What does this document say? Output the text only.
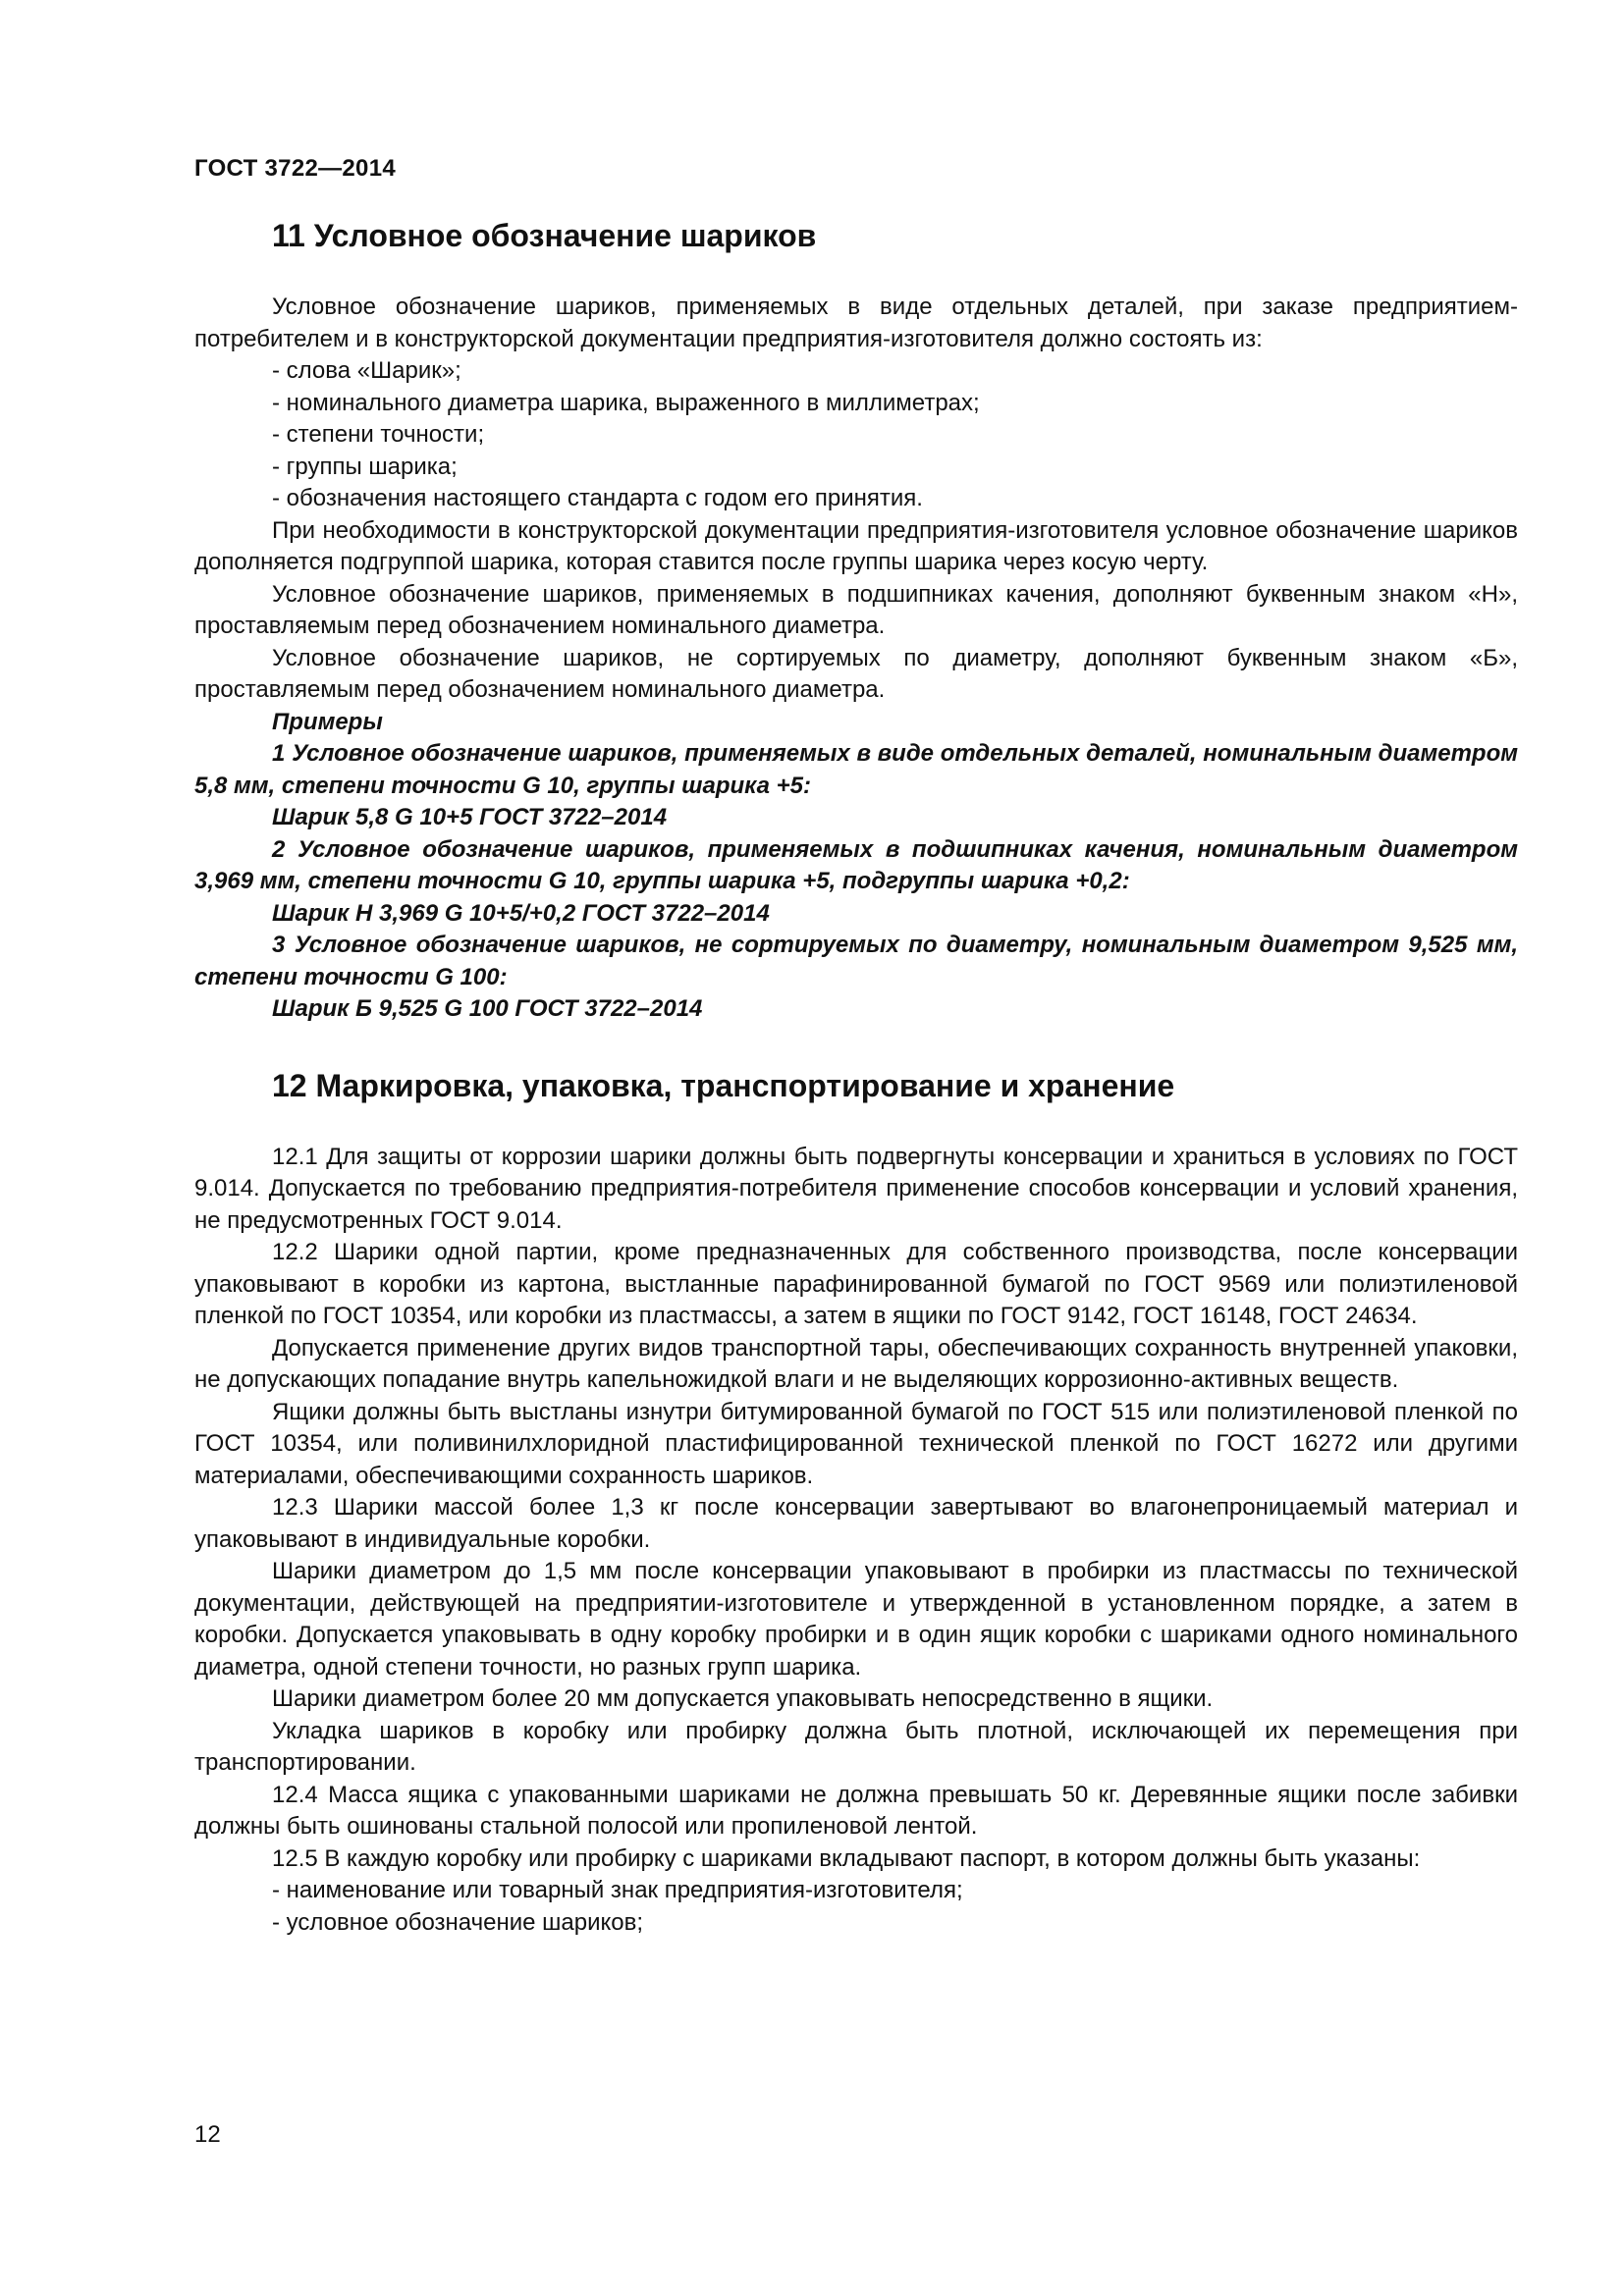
ГОСТ 3722—2014
11 Условное обозначение шариков

Условное обозначение шариков, применяемых в виде отдельных деталей, при заказе предприятием-потребителем и в конструкторской документации предприятия-изготовителя должно состоять из:

- слова «Шарик»;
- номинального диаметра шарика, выраженного в миллиметрах;
- степени точности;
- группы шарика;
- обозначения настоящего стандарта с годом его принятия.

При необходимости в конструкторской документации предприятия-изготовителя условное обозначение шариков дополняется подгруппой шарика, которая ставится после группы шарика через косую черту.

Условное обозначение шариков, применяемых в подшипниках качения, дополняют буквенным знаком «Н», проставляемым перед обозначением номинального диаметра.

Условное обозначение шариков, не сортируемых по диаметру, дополняют буквенным знаком «Б», проставляемым перед обозначением номинального диаметра.

Примеры

1 Условное обозначение шариков, применяемых в виде отдельных деталей, номинальным диаметром 5,8 мм, степени точности G 10, группы шарика +5:

Шарик 5,8 G 10+5 ГОСТ 3722–2014

2 Условное обозначение шариков, применяемых в подшипниках качения, номинальным диаметром 3,969 мм, степени точности G 10, группы шарика +5, подгруппы шарика +0,2:

Шарик Н 3,969 G 10+5/+0,2 ГОСТ 3722–2014

3 Условное обозначение шариков, не сортируемых по диаметру, номинальным диаметром 9,525 мм, степени точности G 100:

Шарик Б 9,525 G 100 ГОСТ 3722–2014

12 Маркировка, упаковка, транспортирование и хранение

12.1 Для защиты от коррозии шарики должны быть подвергнуты консервации и храниться в условиях по ГОСТ 9.014. Допускается по требованию предприятия-потребителя применение способов консервации и условий хранения, не предусмотренных ГОСТ 9.014.

12.2 Шарики одной партии, кроме предназначенных для собственного производства, после консервации упаковывают в коробки из картона, выстланные парафинированной бумагой по ГОСТ 9569 или полиэтиленовой пленкой по ГОСТ 10354, или коробки из пластмассы, а затем в ящики по ГОСТ 9142, ГОСТ 16148, ГОСТ 24634.

Допускается применение других видов транспортной тары, обеспечивающих сохранность внутренней упаковки, не допускающих попадание внутрь капельножидкой влаги и не выделяющих коррозионно-активных веществ.

Ящики должны быть выстланы изнутри битумированной бумагой по ГОСТ 515 или полиэтиленовой пленкой по ГОСТ 10354, или поливинилхлоридной пластифицированной технической пленкой по ГОСТ 16272 или другими материалами, обеспечивающими сохранность шариков.

12.3 Шарики массой более 1,3 кг после консервации завертывают во влагонепроницаемый материал и упаковывают в индивидуальные коробки.

Шарики диаметром до 1,5 мм после консервации упаковывают в пробирки из пластмассы по технической документации, действующей на предприятии-изготовителе и утвержденной в установленном порядке, а затем в коробки. Допускается упаковывать в одну коробку пробирки и в один ящик коробки с шариками одного номинального диаметра, одной степени точности, но разных групп шарика.

Шарики диаметром более 20 мм допускается упаковывать непосредственно в ящики.

Укладка шариков в коробку или пробирку должна быть плотной, исключающей их перемещения при транспортировании.

12.4 Масса ящика с упакованными шариками не должна превышать 50 кг. Деревянные ящики после забивки должны быть ошинованы стальной полосой или пропиленовой лентой.

12.5 В каждую коробку или пробирку с шариками вкладывают паспорт, в котором должны быть указаны:

- наименование или товарный знак предприятия-изготовителя;
- условное обозначение шариков;
12
